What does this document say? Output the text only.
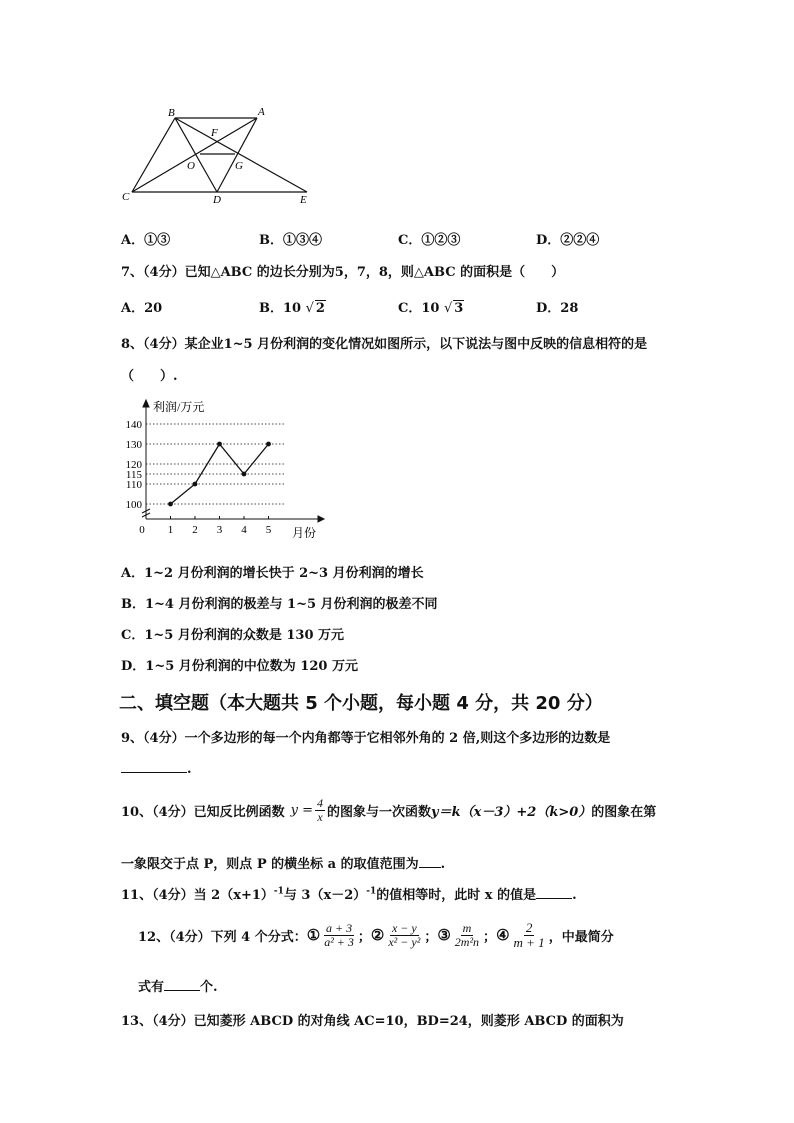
B	A
F
O	G
C	D	E
A．①③	B．①③④	C．①②③	D．②②④
7、（4分）已知△ABC 的边长分别为5，7，8，则△ABC 的面积是（　　）
A．20	B．10 √ 2	C．10 √ 3	D．28
8、（4分）某企业1~5 月份利润的变化情况如图所示，以下说法与图中反映的信息相符的是
（　　）.
100
110
115
120
130
140
0 1 2 3 4 5
利润/万元
月份
A．1~2 月份利润的增长快于 2~3 月份利润的增长
B．1~4 月份利润的极差与 1~5 月份利润的极差不同
C．1~5 月份利润的众数是 130 万元
D．1~5 月份利润的中位数为 120 万元
二、填空题（本大题共 5 个小题，每小题 4 分，共 20 分）
9、（4分）一个多边形的每一个内角都等于它相邻外角的 2 倍,则这个多边形的边数是
.
10、（4分）已知反比例函数 $y = \frac{4}{x}$ 的图象与一次函数 y＝k（x－3）+2（k>0） 的图象在第
一象限交于点 P，则点 P 的横坐标 a 的取值范围为 .
11、（4分）当 $2(x+1)^{-1}$与 $3(x-2)^{-1}$的值相等时，此时 x 的值是	.
12、（4分）下列 4 个分式： ① $\frac{a + 3}{\text{a² + 3}}$ ； ② $\frac{x - y}{\text{x² − y²}}$ ； ③ $\frac{m}{\text{2m²n}}$ ； ④ $\frac{2}{m + 1}$ ，中最简分
式有	个.
13、（4分）已知菱形 ABCD 的对角线 AC=10，BD=24，则菱形 ABCD 的面积为
